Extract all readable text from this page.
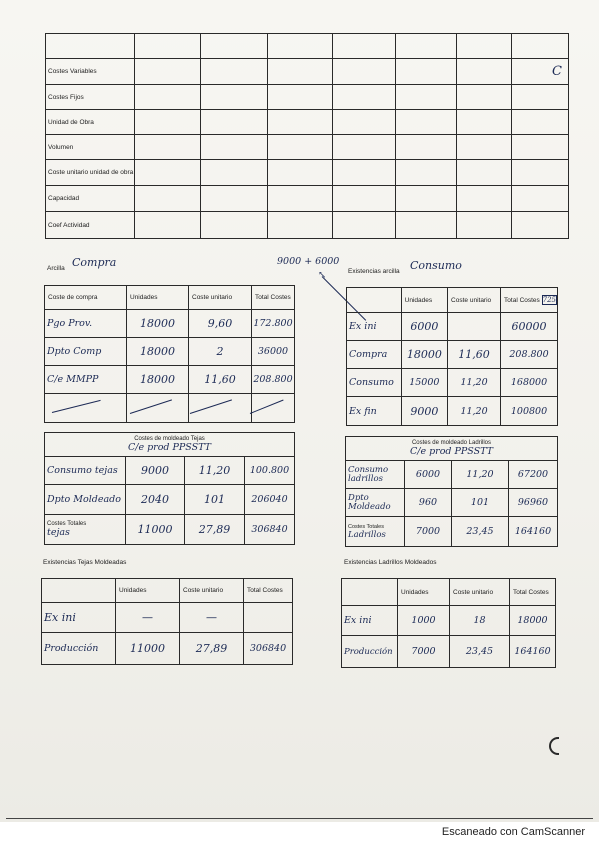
Costes Variables							C
Costes Fijos							
Unidad de Obra							
Volumen							
Coste unitario unidad de obra							
Capacidad							
Coef Actividad							
Arcilla Compra	9000 + 6000
↖
Coste de compra	Unidades	Coste unitario	Total Costes
Pgo Prov.	18000	9,60	172.800
Dpto Comp	18000	2	36000
C/e MMPP	18000	11,60	208.800

Existencias arcilla Consumo
	Unidades	Coste unitario	Total Costes 725
Ex ini	6000		60000
Compra	18000	11,60	208.800
Consumo	15000	11,20	168000
Ex fin	9000	11,20	100800
Costes de moldeado Tejas
C/e prod PPSSTT			

Consumo tejas	9000	11,20	100.800
Dpto Moldeado	2040	101	206040

Costes Totales
tejas	11000	27,89	306840
Costes de moldeado Ladrillos
C/e prod PPSSTT			

Consumo ladrillos	6000	11,20	67200
Dpto Moldeado	960	101	96960

Costes Totales
Ladrillos	7000	23,45	164160
Existencias Tejas Moldeadas
	Unidades	Coste unitario	Total Costes
Ex ini	—	—	
Producción	11000	27,89	306840
Existencias Ladrillos Moldeados
	Unidades	Coste unitario	Total Costes
Ex ini	1000	18	18000
Producción	7000	23,45	164160
Escaneado con CamScanner
